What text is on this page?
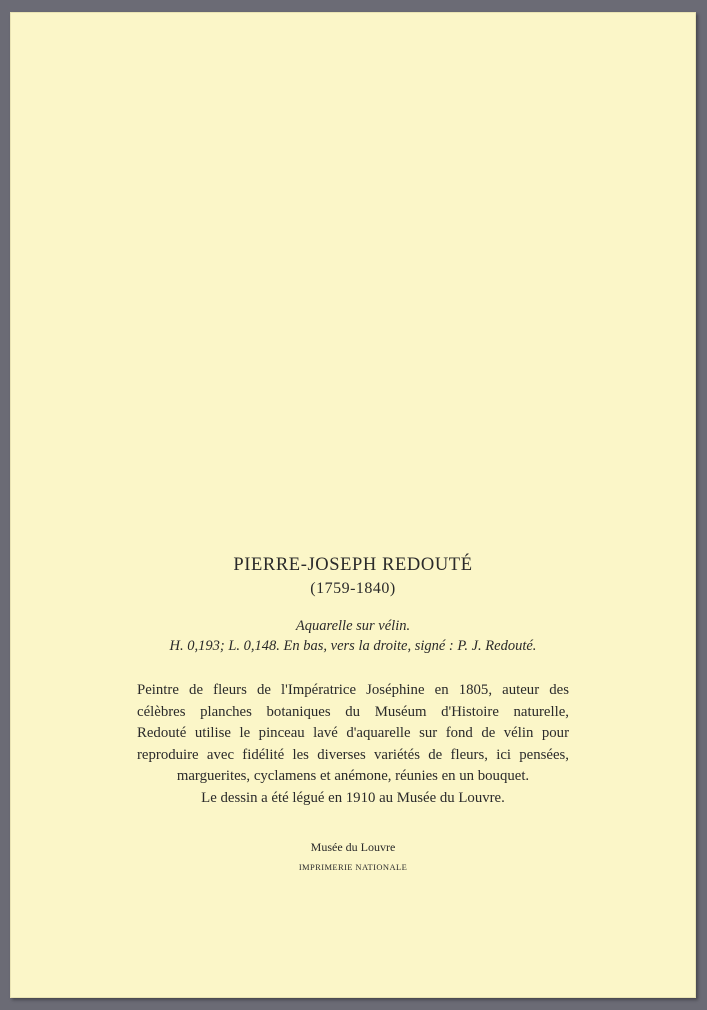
PIERRE-JOSEPH REDOUTÉ

(1759-1840)

Aquarelle sur vélin.

H. 0,193; L. 0,148. En bas, vers la droite, signé : P. J. Redouté.

Peintre de fleurs de l'Impératrice Joséphine en 1805, auteur des
célèbres planches botaniques du Muséum d'Histoire naturelle,
Redouté utilise le pinceau lavé d'aquarelle sur fond de vélin pour
reproduire avec fidélité les diverses variétés de fleurs, ici pensées,
marguerites, cyclamens et anémone, réunies en un bouquet.
Le dessin a été légué en 1910 au Musée du Louvre.

Musée du Louvre

IMPRIMERIE NATIONALE
